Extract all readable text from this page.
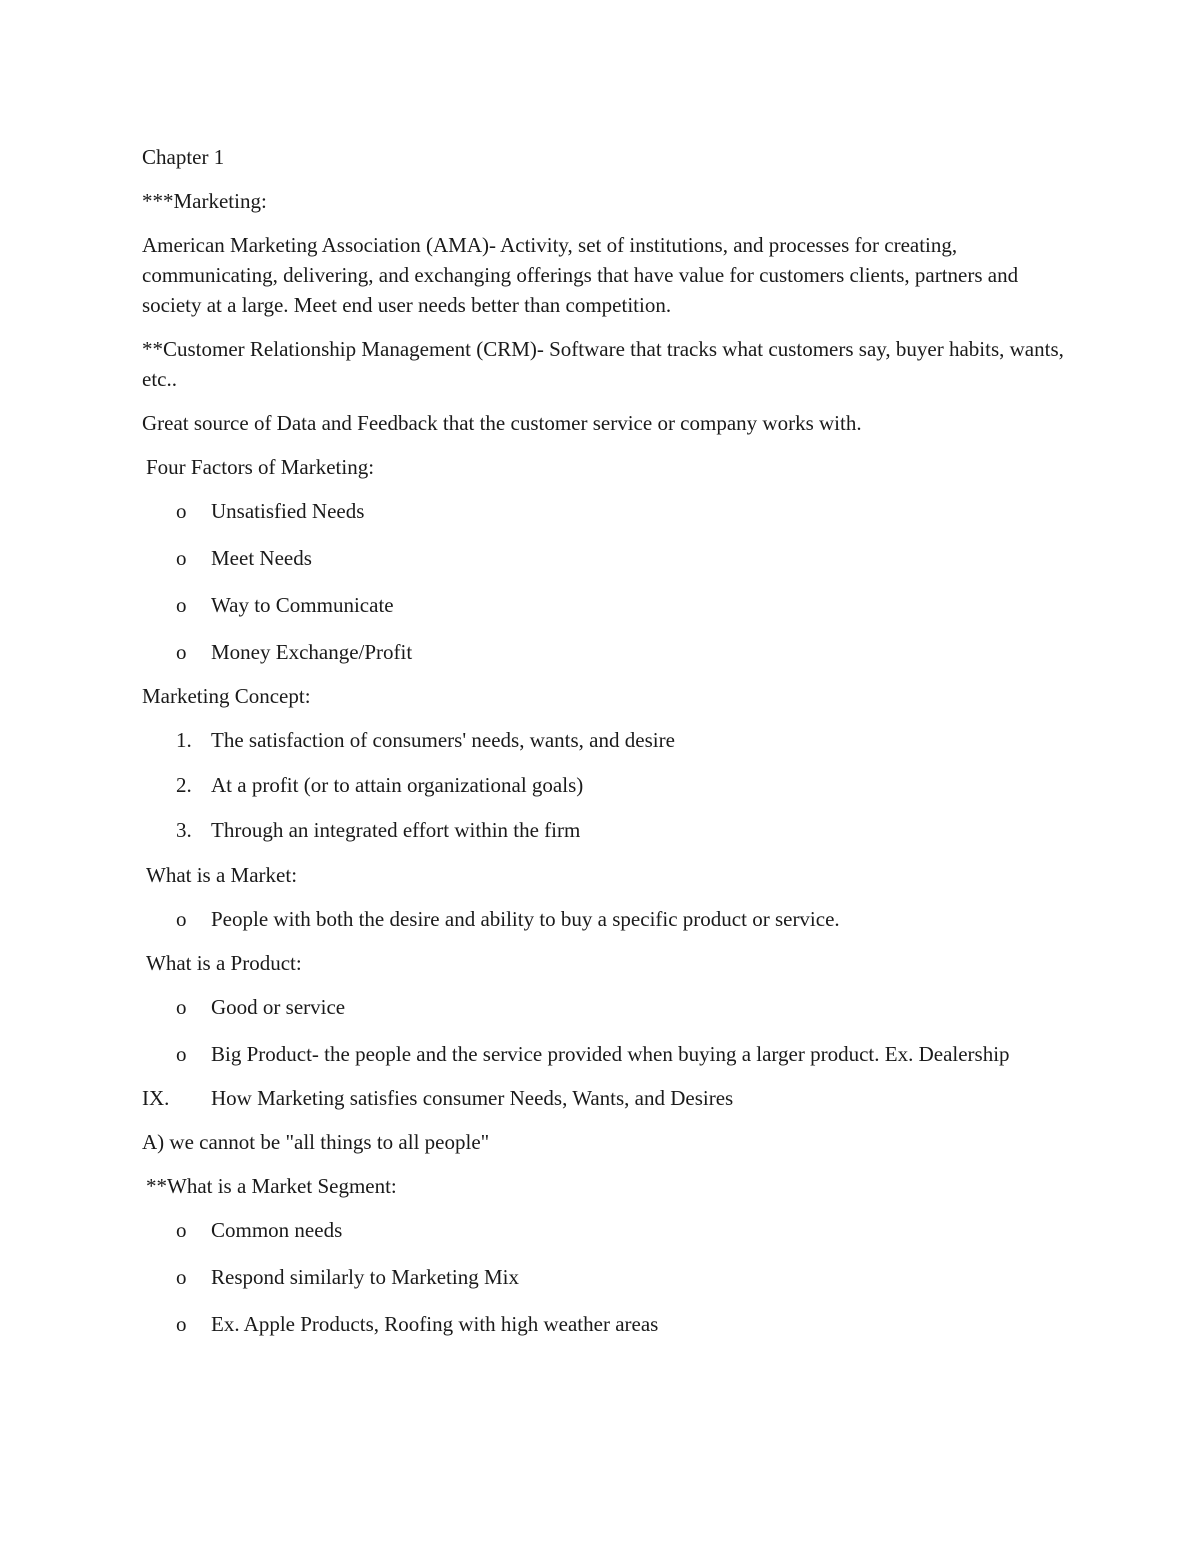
Chapter 1

***Marketing:

American Marketing Association (AMA)- Activity, set of institutions, and processes for creating, communicating, delivering, and exchanging offerings that have value for customers clients, partners and society at a large. Meet end user needs better than competition.

**Customer Relationship Management (CRM)- Software that tracks what customers say, buyer habits, wants, etc..

Great source of Data and Feedback that the customer service or company works with.

Four Factors of Marketing:

o Unsatisfied Needs
o Meet Needs
o Way to Communicate
o Money Exchange/Profit

Marketing Concept:

1. The satisfaction of consumers' needs, wants, and desire
2. At a profit (or to attain organizational goals)
3. Through an integrated effort within the firm

What is a Market:

o People with both the desire and ability to buy a specific product or service.

What is a Product:

o Good or service
o Big Product- the people and the service provided when buying a larger product. Ex. Dealership
IX. How Marketing satisfies consumer Needs, Wants, and Desires

A) we cannot be "all things to all people"

**What is a Market Segment:

o Common needs
o Respond similarly to Marketing Mix
o Ex. Apple Products, Roofing with high weather areas
